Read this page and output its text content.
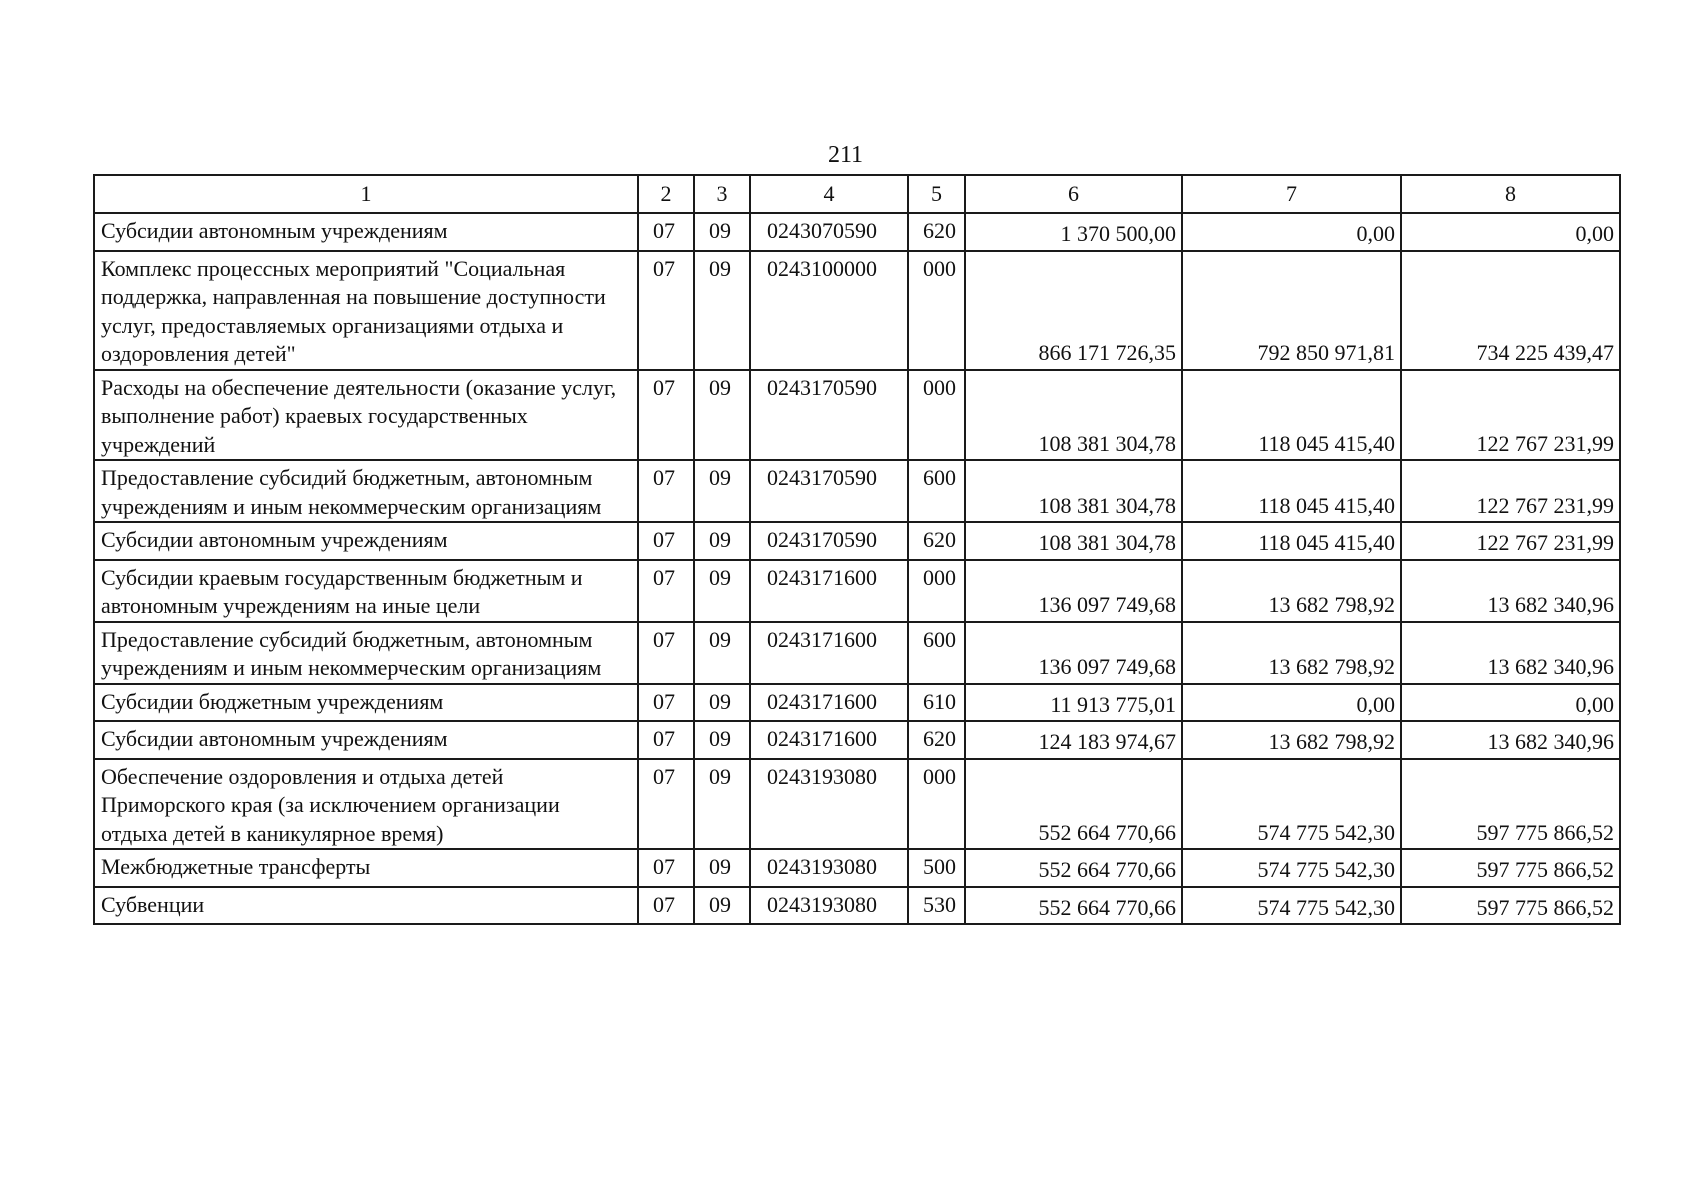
211
1	2	3	4	5	6	7	8
Субсидии автономным учреждениям	07	09	0243070590	620	1 370 500,00	0,00	0,00
Комплекс процессных мероприятий "Социальная поддержка, направленная на повышение доступности услуг, предоставляемых организациями отдыха и оздоровления детей"	07	09	0243100000	000	866 171 726,35	792 850 971,81	734 225 439,47
Расходы на обеспечение деятельности (оказание услуг, выполнение работ) краевых государственных учреждений	07	09	0243170590	000	108 381 304,78	118 045 415,40	122 767 231,99
Предоставление субсидий бюджетным, автономным учреждениям и иным некоммерческим организациям	07	09	0243170590	600	108 381 304,78	118 045 415,40	122 767 231,99
Субсидии автономным учреждениям	07	09	0243170590	620	108 381 304,78	118 045 415,40	122 767 231,99
Субсидии краевым государственным бюджетным и автономным учреждениям на иные цели	07	09	0243171600	000	136 097 749,68	13 682 798,92	13 682 340,96
Предоставление субсидий бюджетным, автономным учреждениям и иным некоммерческим организациям	07	09	0243171600	600	136 097 749,68	13 682 798,92	13 682 340,96
Субсидии бюджетным учреждениям	07	09	0243171600	610	11 913 775,01	0,00	0,00
Субсидии автономным учреждениям	07	09	0243171600	620	124 183 974,67	13 682 798,92	13 682 340,96
Обеспечение оздоровления и отдыха детей Приморского края (за исключением организации отдыха детей в каникулярное время)	07	09	0243193080	000	552 664 770,66	574 775 542,30	597 775 866,52
Межбюджетные трансферты	07	09	0243193080	500	552 664 770,66	574 775 542,30	597 775 866,52
Субвенции	07	09	0243193080	530	552 664 770,66	574 775 542,30	597 775 866,52
